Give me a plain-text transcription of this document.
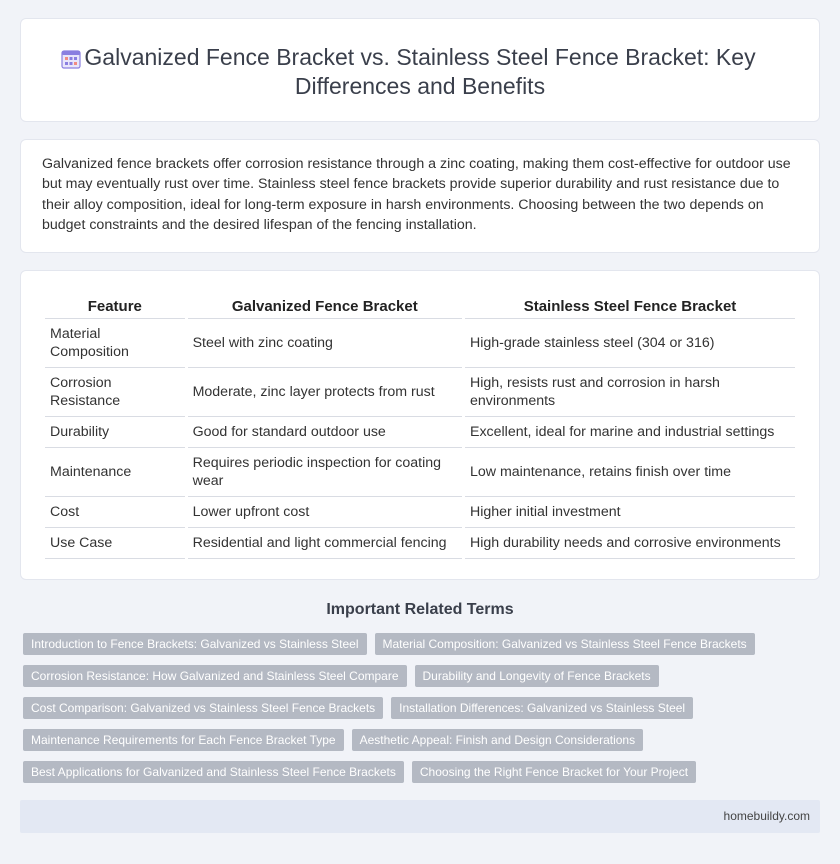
Galvanized Fence Bracket vs. Stainless Steel Fence Bracket: Key Differences and Benefits

Galvanized fence brackets offer corrosion resistance through a zinc coating, making them cost-effective for outdoor use but may eventually rust over time. Stainless steel fence brackets provide superior durability and rust resistance due to their alloy composition, ideal for long-term exposure in harsh environments. Choosing between the two depends on budget constraints and the desired lifespan of the fencing installation.

Feature	Galvanized Fence Bracket	Stainless Steel Fence Bracket
Material Composition	Steel with zinc coating	High-grade stainless steel (304 or 316)
Corrosion Resistance	Moderate, zinc layer protects from rust	High, resists rust and corrosion in harsh environments
Durability	Good for standard outdoor use	Excellent, ideal for marine and industrial settings
Maintenance	Requires periodic inspection for coating wear	Low maintenance, retains finish over time
Cost	Lower upfront cost	Higher initial investment
Use Case	Residential and light commercial fencing	High durability needs and corrosive environments
Important Related Terms
Introduction to Fence Brackets: Galvanized vs Stainless Steel	Material Composition: Galvanized vs Stainless Steel Fence Brackets
Corrosion Resistance: How Galvanized and Stainless Steel Compare	Durability and Longevity of Fence Brackets
Cost Comparison: Galvanized vs Stainless Steel Fence Brackets	Installation Differences: Galvanized vs Stainless Steel
Maintenance Requirements for Each Fence Bracket Type	Aesthetic Appeal: Finish and Design Considerations
Best Applications for Galvanized and Stainless Steel Fence Brackets	Choosing the Right Fence Bracket for Your Project
homebuildy.com
